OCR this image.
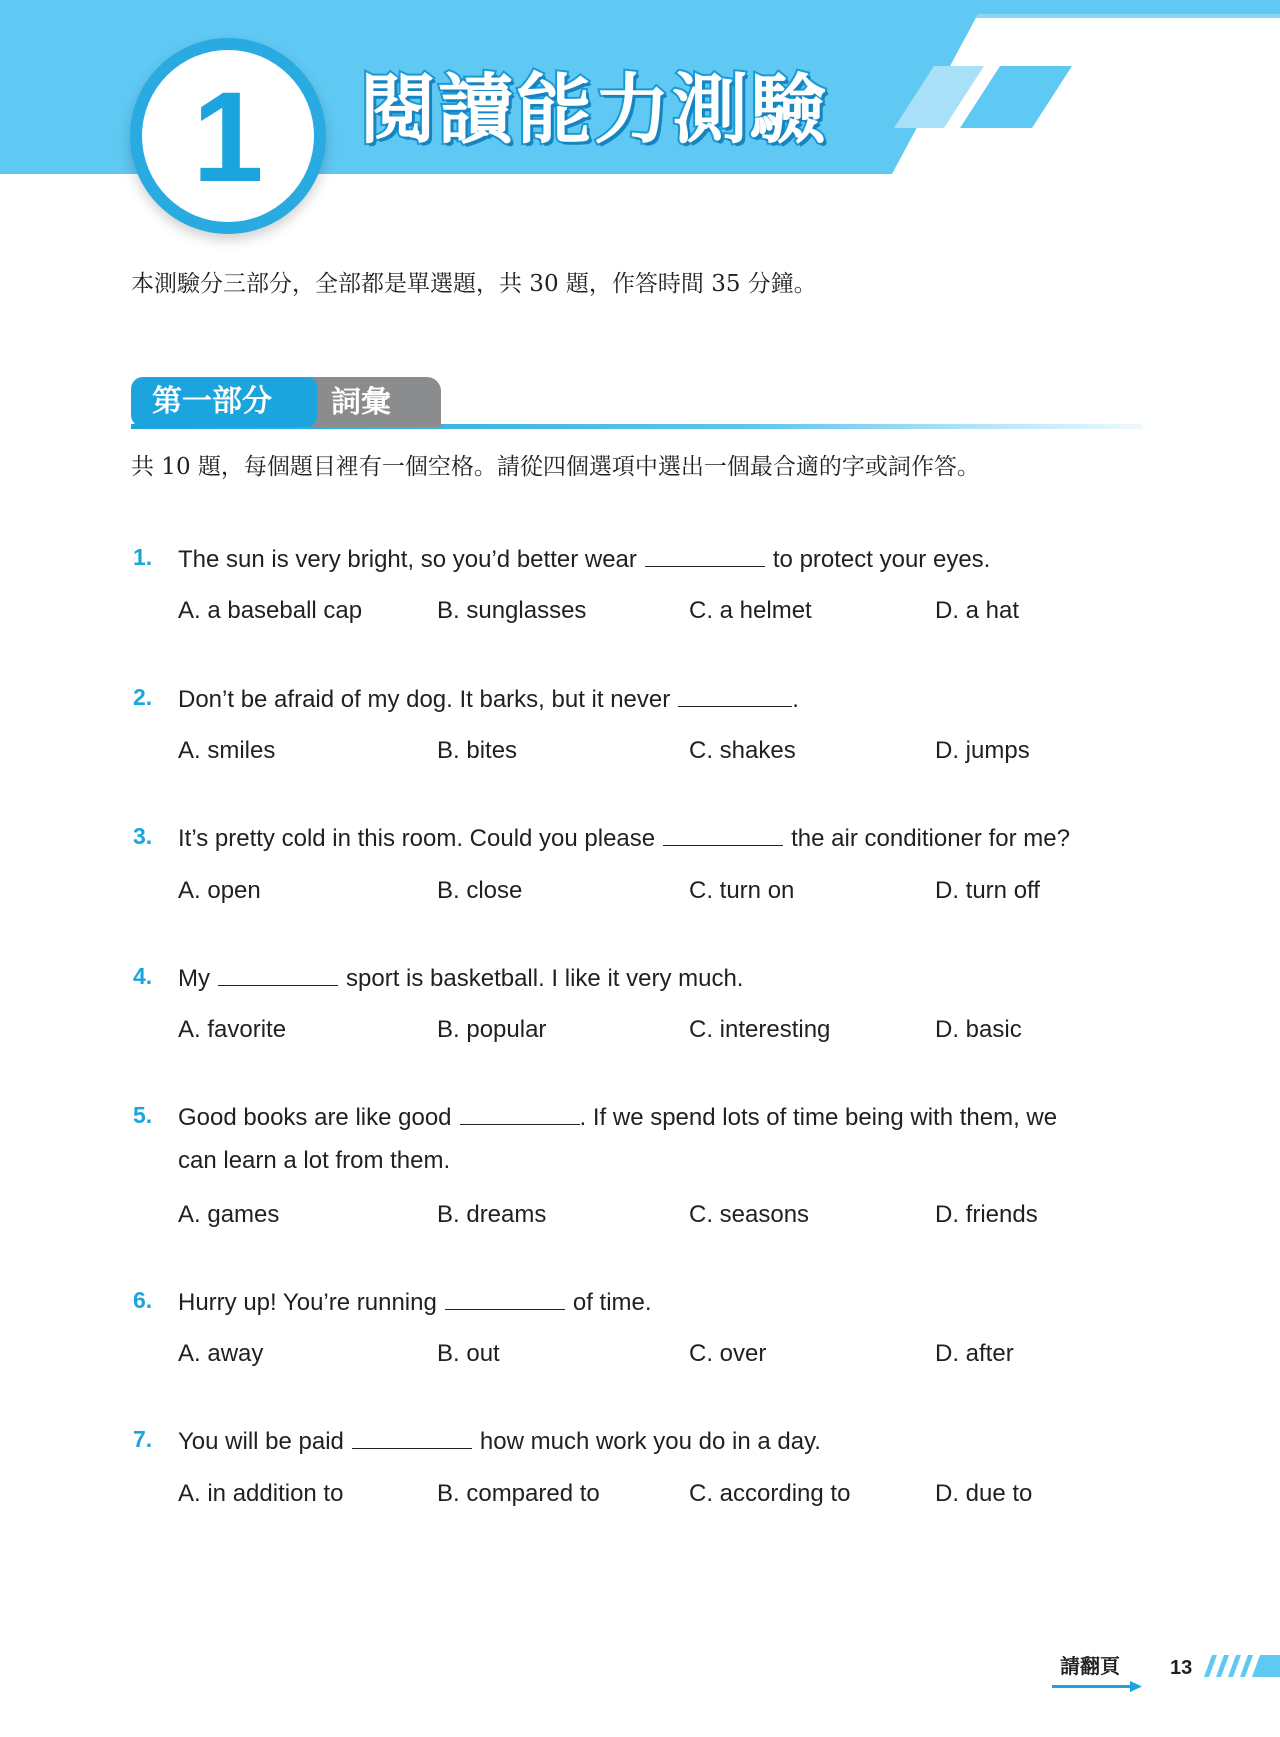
1 閱讀能力測驗
本測驗分三部分，全部都是單選題，共 30 題，作答時間 35 分鐘。
詞彙
第一部分
共 10 題，每個題目裡有一個空格。請從四個選項中選出一個最合適的字或詞作答。
1. The sun is very bright, so you’d better wear	to protect your eyes.
A. a baseball cap	B. sunglasses	C. a helmet	D. a hat
2. Don’t be afraid of my dog. It barks, but it never	.
A. smiles	B. bites	C. shakes	D. jumps
3. It’s pretty cold in this room. Could you please	the air conditioner for me?
A. open	B. close	C. turn on	D. turn off
4. My	sport is basketball. I like it very much.
A. favorite	B. popular	C. interesting	D. basic
5. Good books are like good	. If we spend lots of time being with them, we
can learn a lot from them.
A. games	B. dreams	C. seasons	D. friends
6. Hurry up! You’re running	of time.
A. away	B. out	C. over	D. after
7. You will be paid	how much work you do in a day.
A. in addition to	B. compared to	C. according to	D. due to
請翻頁	13
